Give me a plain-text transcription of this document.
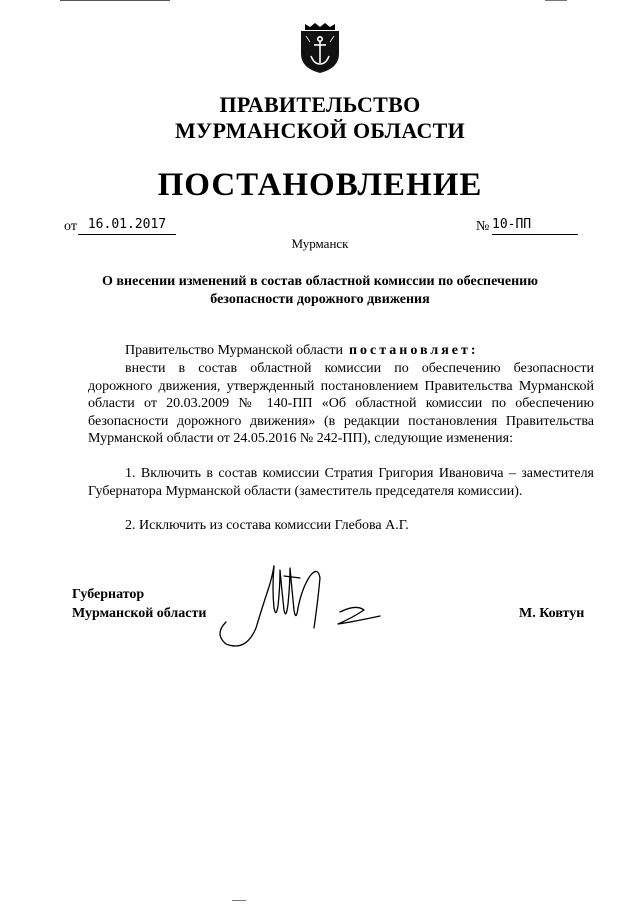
ПРАВИТЕЛЬСТВО
МУРМАНСКОЙ ОБЛАСТИ
ПОСТАНОВЛЕНИЕ
от 16.01.2017	№ 10-ПП
Мурманск
О внесении изменений в состав областной комиссии по обеспечению безопасности дорожного движения
Правительство Мурманской области постановляет:
внести в состав областной комиссии по обеспечению безопасности дорожного движения, утвержденный постановлением Правительства Мурманской области от 20.03.2009 № 140-ПП «Об областной комиссии по обеспечению безопасности дорожного движения» (в редакции постановления Правительства Мурманской области от 24.05.2016 № 242-ПП), следующие изменения:
1. Включить в состав комиссии Стратия Григория Ивановича – заместителя Губернатора Мурманской области (заместитель председателя комиссии).
2. Исключить из состава комиссии Глебова А.Г.
Губернатор
Мурманской области	М. Ковтун
